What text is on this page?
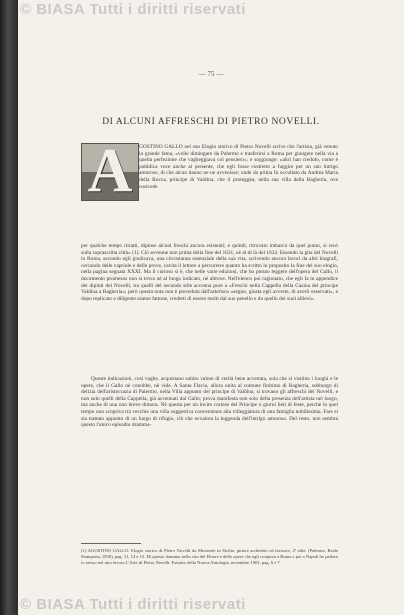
— 75 —
DI ALCUNI AFFRESCHI DI PIETRO NOVELLI.
A	GOSTINO GALLO nel suo Elogio storico di Pietro Novelli scrive che l'artista, già venuto in grande fama, «volle dimingare da Palermo e trasferirsi a Roma per giungere nella via a quella perfezione che vagheggiava col pensiero»; e soggiunge: «altri han creduto, come è pubblica voce anche al presente, che egli fosse costretto a fuggire per un suo intrigo amoroso, di che alcun danno ne ne avvenisse; onde da prima fu occultato da Andrea Maria della Rocca, principe di Valdina, che il proteggea, nella sua villa della Bagheria, ove cosicede

per qualche tempo ritratti, dipinse alcuni freschi ancora esistenti; e quindi, ritrovato imbarco da quel punto, si recò sulla soprascritta città» (1). Ciò avvenne non prima della fine del 1631, nè al di là del 1632. Essendo la gita del Novelli in Roma, secondo egli giudicava, una circostanza essenziale della sua vita, scrivendo ancora lavori da altri biografi, cercando delle capriole e delle prove, cavita il lettore a percorrere quanto ha scritto in proposito la fine del suo elogio, nella pagina segnata XXXI. Ma il curioso si è, che nelle varie edizioni, che ho potuto leggere dell'opera del Gallo, il documento promesso non si trova nè al luogo indicato, nè altrove. Nell'elenco poi ragionato, che egli fa in appendice dei dipinti del Novelli, tra quelli del secondo stile accenna pure a «Freschi nella Cappella della Casina del principe Valdina a Bagheria»; però questa nota non è preceduta dall'asterisco «segno, giusta egli avverte, di averli osservati», e dopo replicato e diligente esame fattone, credetti di essere molti dal suo penello e da quello dei suoi allievi».

Queste indicazioni, così vaghe, acquistano subito valore di verità bene accertata, sola che si visitino i luoghi e le opere, che il Gallo nè conobbe, nè vide. A Santa Flavia, allora unita al comune finitimo di Bagheria, sobborgo di delizia dell'aristocrazia di Palermo, nella Villa appunto del principe di Valdina, si trovano gli affreschi del Novelli, e non solo quelli della Cappella, già accennati dal Gallo; prova manifesta non solo della presenza dell'artista nel luogo, ma anche di una non breve dimora. Nè questa per un invito cortese del Principe o giorni lieti di feste, perchè in quel tempo non scopriva tra vecchie una villa suggestiva convenienze alla villeggiatura di una famiglia nobilissima. Fare si sia trattato appunto di un luogo di rifugio, ciò che avvalora la leggenda dell'intrigo amoroso. Del resto, non sembra questo l'unico episodio dramma-

(1) AGOSTINO GALLO. Elogio storico di Pietro Novelli da Monreale in Sicilia, pittore architetto ed incisore, 2ª ediz. (Palermo, Reale Stamperia, 1830), pag. 11, 14 e 15. Di questo dramma nella vita del Pittore e delle opere che egli compiva a Roma e poi a Napoli ho parlato io stesso nel mio lavoro L'Arte di Pietro Novelli. Estratto della Nuova Antologia, novembre 1901, pag. 6 e 7.
© BIASA Tutti i diritti riservati
© BIASA Tutti i diritti riservati
